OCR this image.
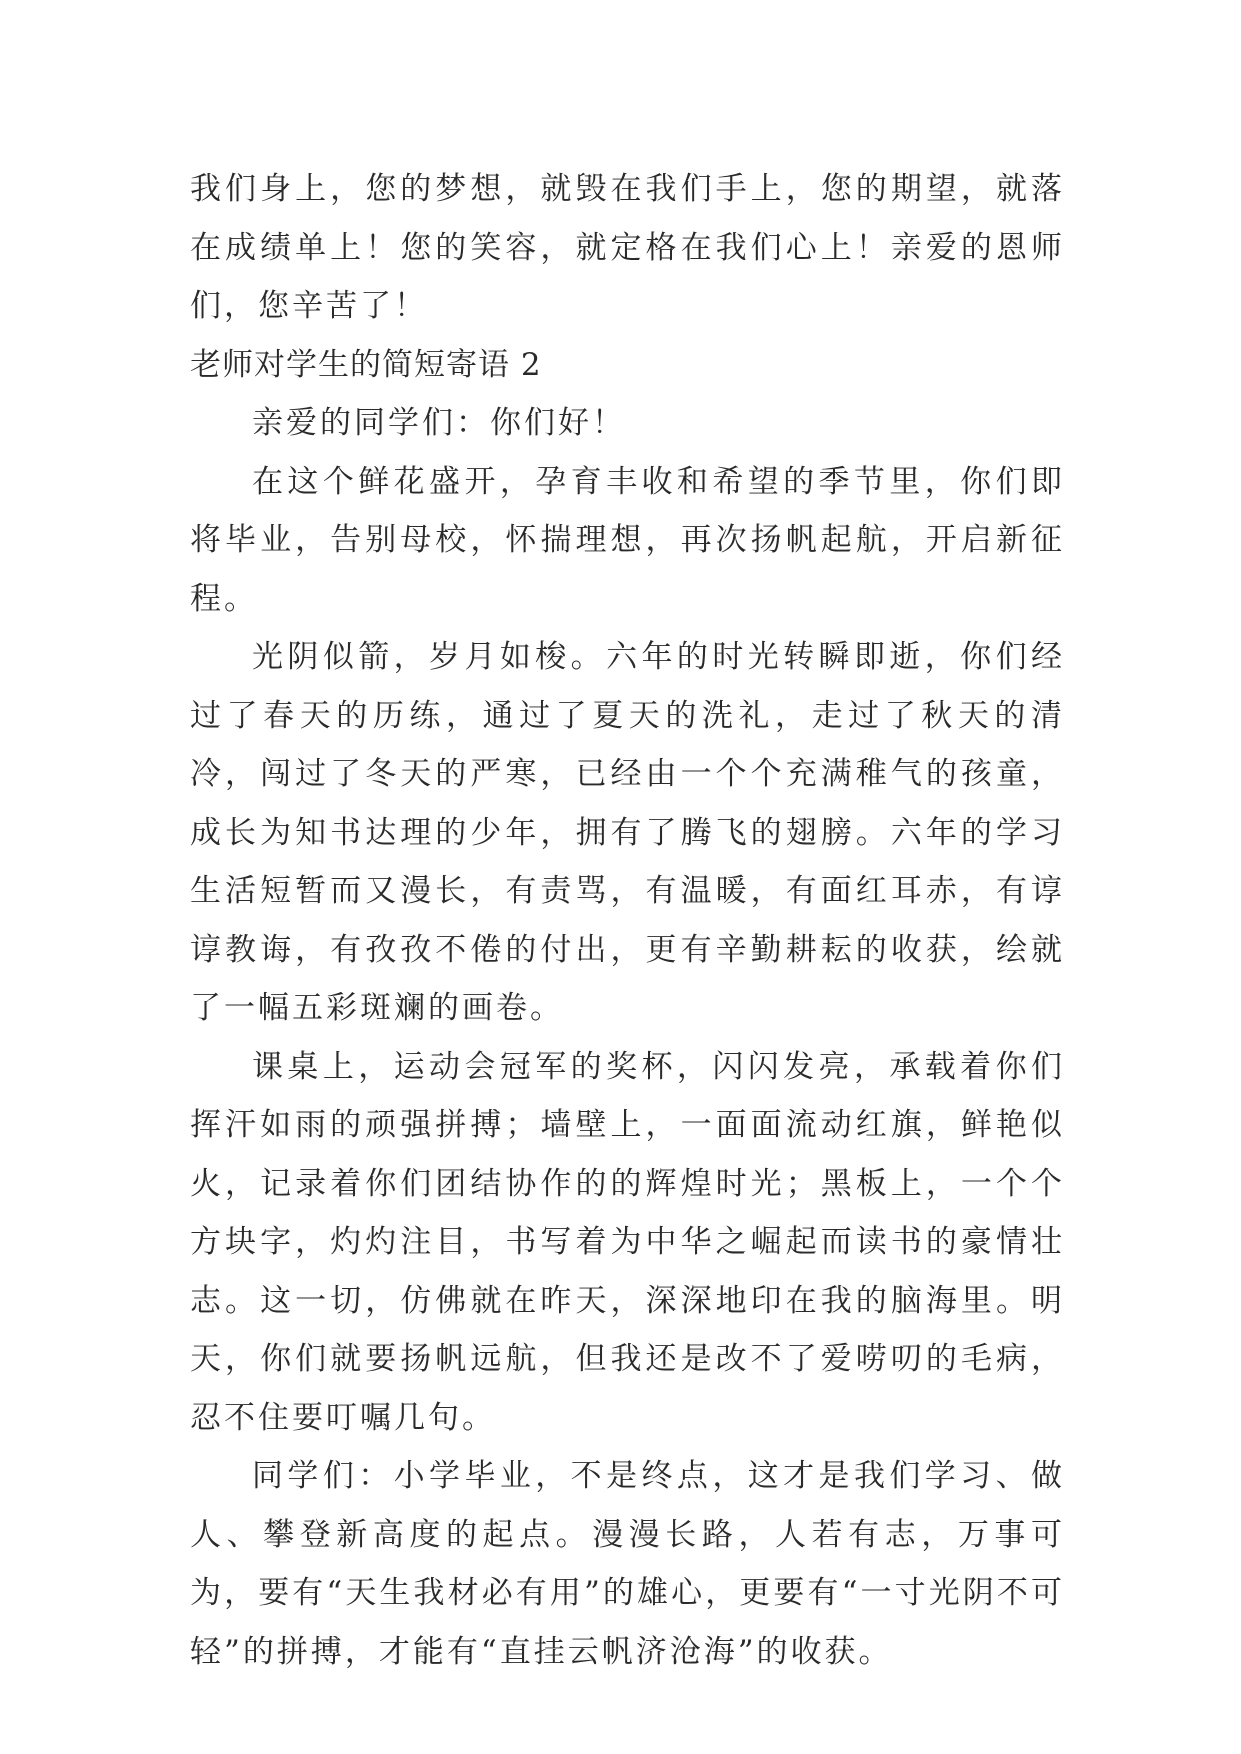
我们身上，您的梦想，就毁在我们手上，您的期望，就落在成绩单上！您的笑容，就定格在我们心上！亲爱的恩师们，您辛苦了！

老师对学生的简短寄语 2

亲爱的同学们：你们好！

在这个鲜花盛开，孕育丰收和希望的季节里，你们即将毕业，告别母校，怀揣理想，再次扬帆起航，开启新征程。

光阴似箭，岁月如梭。六年的时光转瞬即逝，你们经过了春天的历练，通过了夏天的洗礼，走过了秋天的清冷，闯过了冬天的严寒，已经由一个个充满稚气的孩童，成长为知书达理的少年，拥有了腾飞的翅膀。六年的学习生活短暂而又漫长，有责骂，有温暖，有面红耳赤，有谆谆教诲，有孜孜不倦的付出，更有辛勤耕耘的收获，绘就了一幅五彩斑斓的画卷。

课桌上，运动会冠军的奖杯，闪闪发亮，承载着你们挥汗如雨的顽强拼搏；墙壁上，一面面流动红旗，鲜艳似火，记录着你们团结协作的的辉煌时光；黑板上，一个个方块字，灼灼注目，书写着为中华之崛起而读书的豪情壮志。这一切，仿佛就在昨天，深深地印在我的脑海里。明天，你们就要扬帆远航，但我还是改不了爱唠叨的毛病，忍不住要叮嘱几句。

同学们：小学毕业，不是终点，这才是我们学习、做人、攀登新高度的起点。漫漫长路，人若有志，万事可为，要有“天生我材必有用”的雄心，更要有“一寸光阴不可轻”的拼搏，才能有“直挂云帆济沧海”的收获。
